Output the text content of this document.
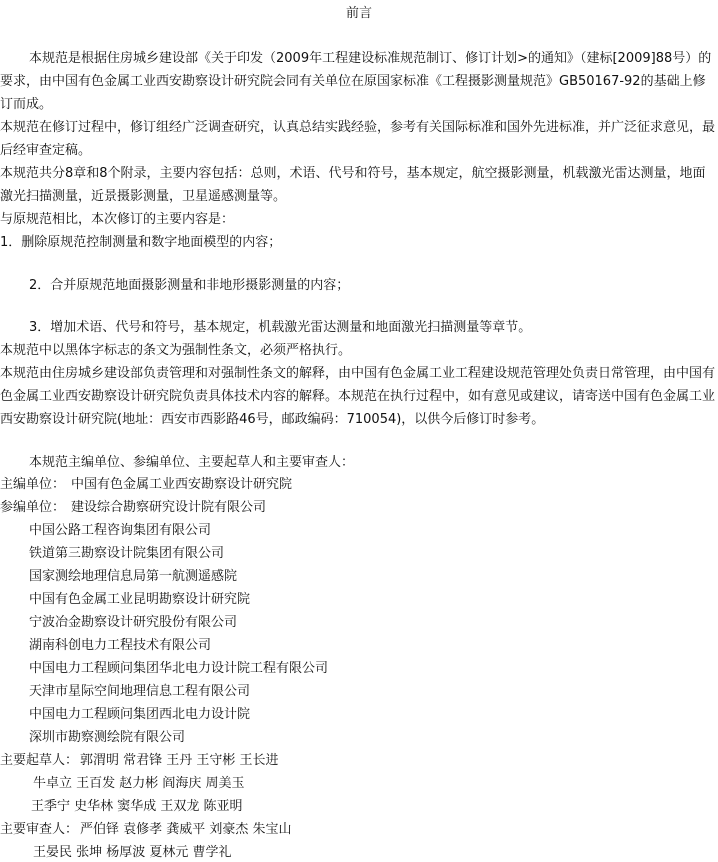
前言

本规范是根据住房城乡建设部《关于印发（2009年工程建设标准规范制订、修订计划>的通知》（建标[2009]88号）的要求，由中国有色金属工业西安勘察设计研究院会同有关单位在原国家标准《工程摄影测量规范》GB50167-92的基础上修订而成。

本规范在修订过程中，修订组经广泛调查研究，认真总结实践经验，参考有关国际标准和国外先进标准，并广泛征求意见，最后经审查定稿。

本规范共分8章和8个附录，主要内容包括：总则，术语、代号和符号，基本规定，航空摄影测量，机载激光雷达测量，地面激光扫描测量，近景摄影测量，卫星遥感测量等。

与原规范相比，本次修订的主要内容是：

1．删除原规范控制测量和数字地面模型的内容；

2．合并原规范地面摄影测量和非地形摄影测量的内容；

3．增加术语、代号和符号，基本规定，机载激光雷达测量和地面激光扫描测量等章节。

本规范中以黑体字标志的条文为强制性条文，必须严格执行。

本规范由住房城乡建设部负责管理和对强制性条文的解释，由中国有色金属工业工程建设规范管理处负责日常管理，由中国有色金属工业西安勘察设计研究院负责具体技术内容的解释。本规范在执行过程中，如有意见或建议，请寄送中国有色金属工业西安勘察设计研究院(地址：西安市西影路46号，邮政编码：710054)，以供今后修订时参考。

本规范主编单位、参编单位、主要起草人和主要审查人：

主编单位： 中国有色金属工业西安勘察设计研究院
参编单位： 建设综合勘察研究设计院有限公司
中国公路工程咨询集团有限公司
铁道第三勘察设计院集团有限公司
国家测绘地理信息局第一航测遥感院
中国有色金属工业昆明勘察设计研究院
宁波冶金勘察设计研究股份有限公司
湖南科创电力工程技术有限公司
中国电力工程顾问集团华北电力设计院工程有限公司
天津市星际空间地理信息工程有限公司
中国电力工程顾问集团西北电力设计院
深圳市勘察测绘院有限公司
主要起草人： 郭渭明 常君锋 王丹 王守彬 王长进
牛卓立 王百发 赵力彬 阎海庆 周美玉
王季宁 史华林 窦华成 王双龙 陈亚明
主要审查人： 严伯铎 袁修孝 龚威平 刘豪杰 朱宝山
王晏民 张坤 杨厚波 夏林元 曹学礼
